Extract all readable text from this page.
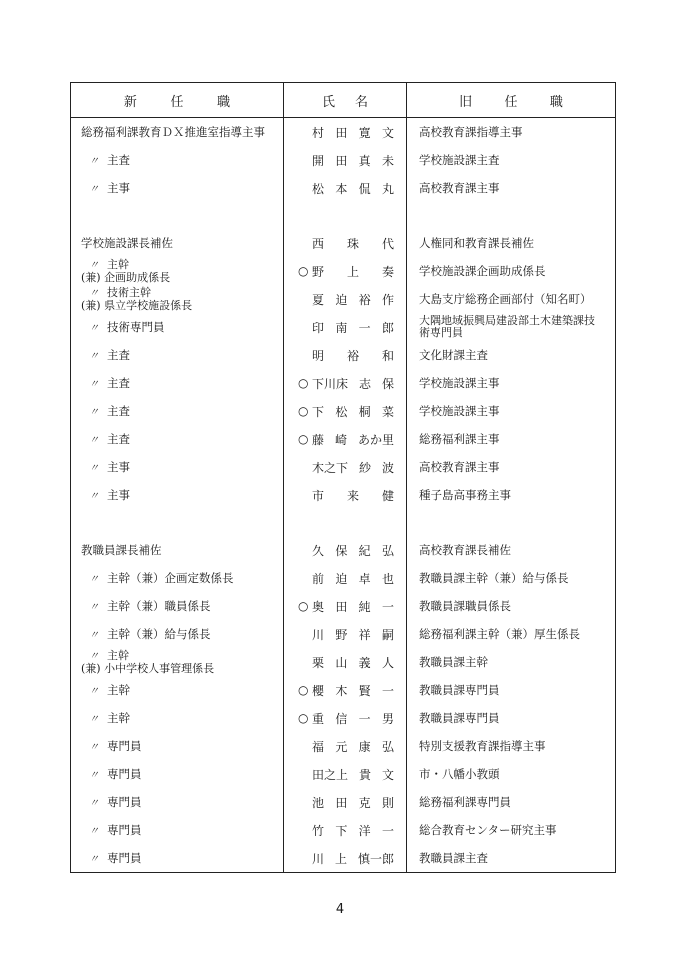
新 任 職	氏 名	旧 任 職

総務福利課教育ＤＸ推進室指導主事	村 田 寛 文	高校教育課指導主事
〃 主査	開 田 真 未	学校施設課主査
〃 主事	松 本 侃 丸	高校教育課主事

学校施設課長補佐	西 珠 代	人権同和教育課長補佐

〃 主幹
(兼) 企画助成係長	○ 野 上 奏	学校施設課企画助成係長

〃 技術主幹
(兼) 県立学校施設係長	夏 迫 裕 作	大島支庁総務企画部付（知名町）
〃 技術専門員	印 南 一 郎	大隅地域振興局建設部土木建築課技
術専門員

〃 主査	明 裕 和	文化財課主査
〃 主査	○ 下川床 志 保	学校施設課主事
〃 主査	○ 下 松 桐 菜	学校施設課主事
〃 主査	○ 藤 崎 あか里	総務福利課主事
〃 主事	木之下 紗 波	高校教育課主事
〃 主事	市 来 健	種子島高事務主事

教職員課長補佐	久 保 紀 弘	高校教育課長補佐
〃 主幹（兼）企画定数係長	前 迫 卓 也	教職員課主幹（兼）給与係長
〃 主幹（兼）職員係長	○ 奥 田 純 一	教職員課職員係長
〃 主幹（兼）給与係長	川 野 祥 嗣	総務福利課主幹（兼）厚生係長

〃 主幹
(兼) 小中学校人事管理係長	栗 山 義 人	教職員課主幹
〃 主幹	○ 櫻 木 賢 一	教職員課専門員
〃 主幹	○ 重 信 一 男	教職員課専門員
〃 専門員	福 元 康 弘	特別支援教育課指導主事
〃 専門員	田之上 貴 文	市・八幡小教頭
〃 専門員	池 田 克 則	総務福利課専門員
〃 専門員	竹 下 洋 一	総合教育センター研究主事
〃 専門員	川 上 慎一郎	教職員課主査
4
